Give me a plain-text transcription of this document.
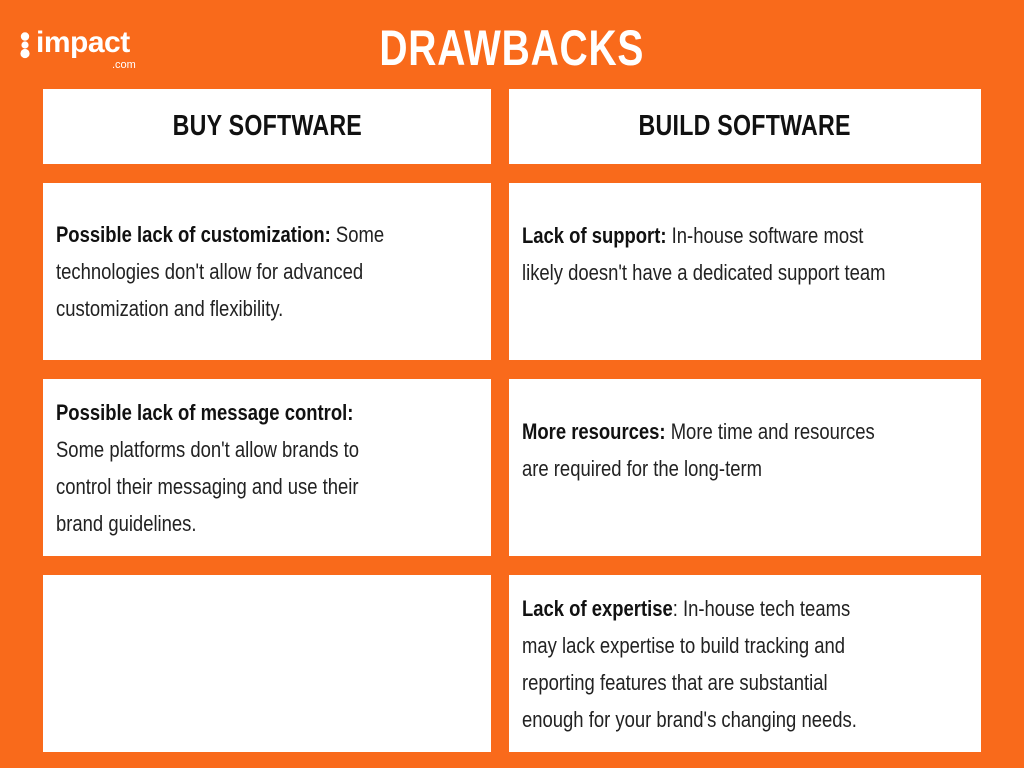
impact
.com	DRAWBACKS
BUY SOFTWARE	BUILD SOFTWARE
Possible lack of customization: Some technologies don't allow for advanced customization and flexibility.
Lack of support: In-house software most likely doesn't have a dedicated support team
Possible lack of message control: Some platforms don't allow brands to control their messaging and use their brand guidelines.
More resources: More time and resources are required for the long-term
Lack of expertise: In-house tech teams may lack expertise to build tracking and reporting features that are substantial enough for your brand's changing needs.
